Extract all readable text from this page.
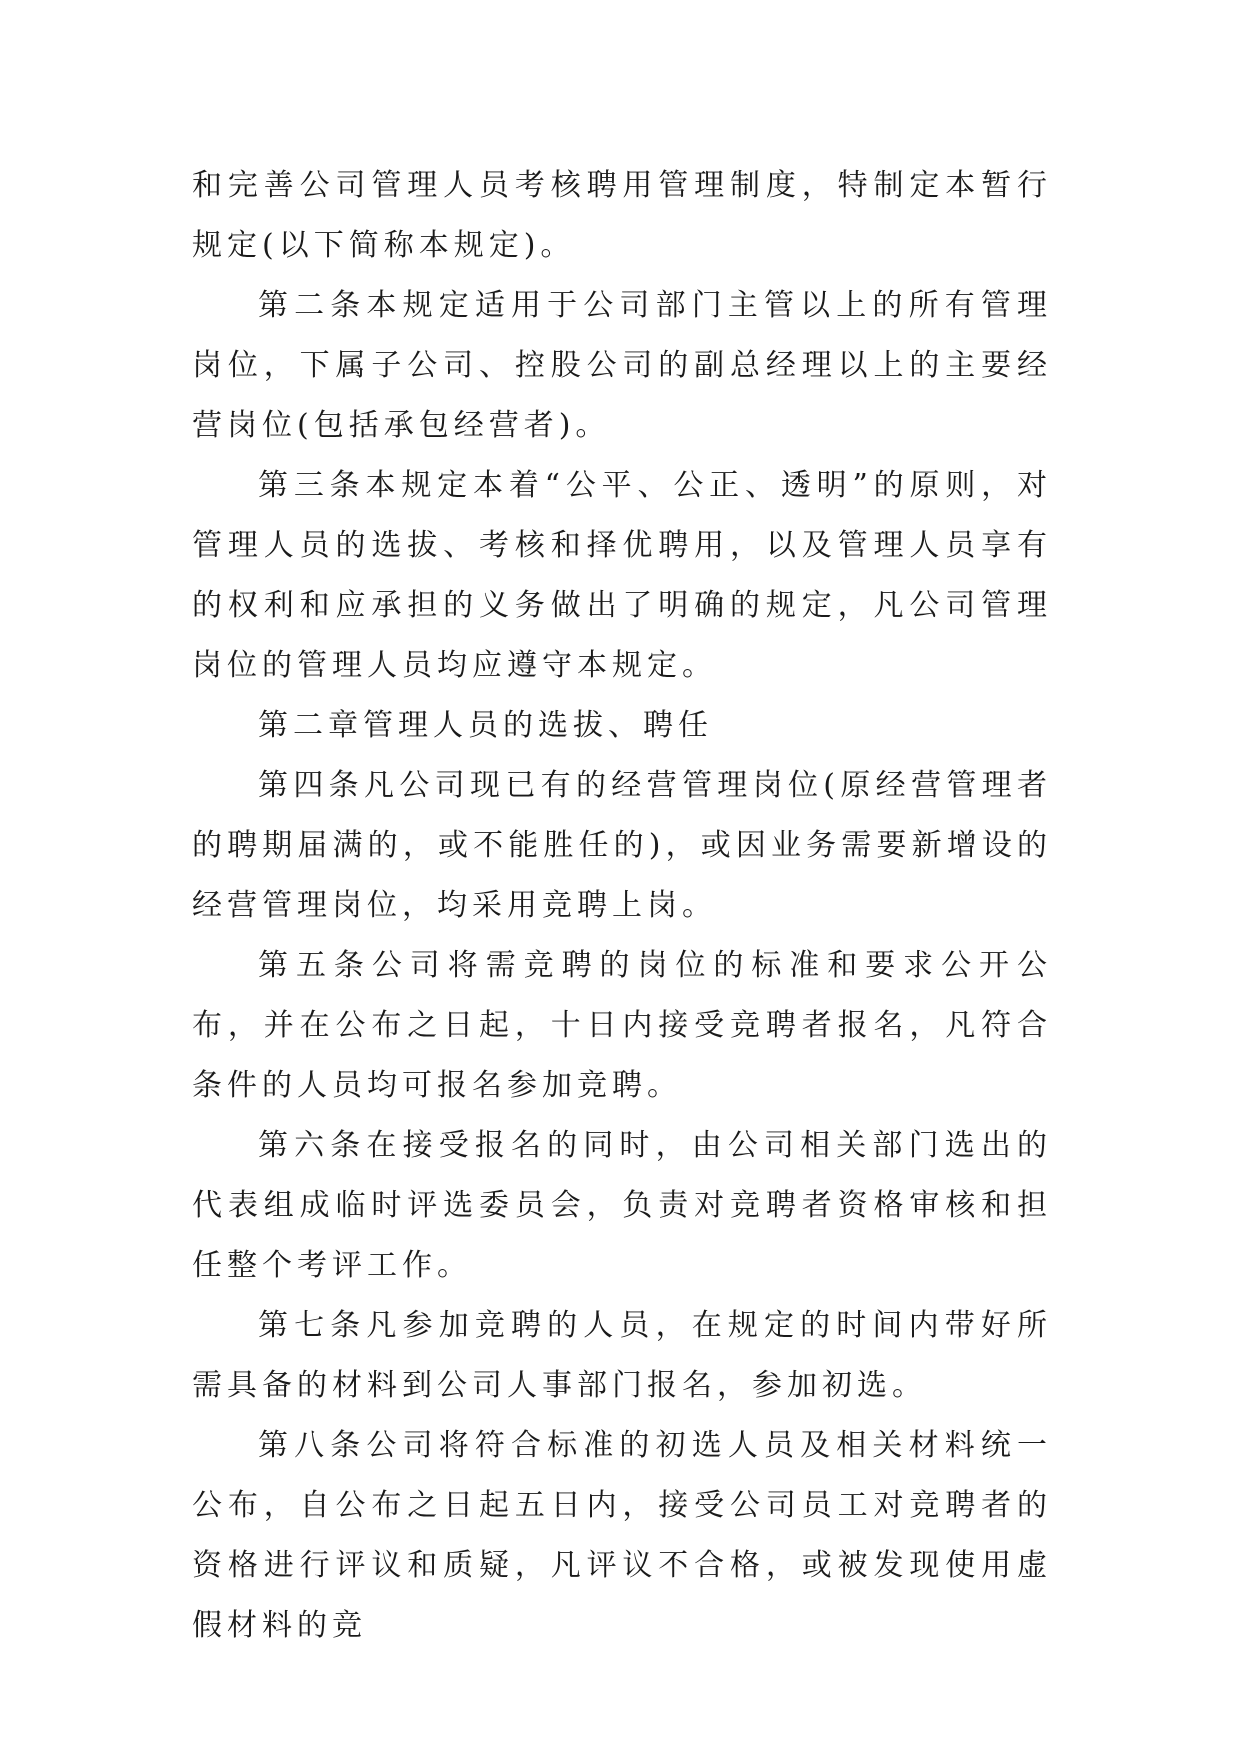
和完善公司管理人员考核聘用管理制度，特制定本暂行规定(以下简称本规定)。

第二条本规定适用于公司部门主管以上的所有管理岗位，下属子公司、控股公司的副总经理以上的主要经营岗位(包括承包经营者)。

第三条本规定本着“公平、公正、透明”的原则，对管理人员的选拔、考核和择优聘用，以及管理人员享有的权利和应承担的义务做出了明确的规定，凡公司管理岗位的管理人员均应遵守本规定。

第二章管理人员的选拔、聘任

第四条凡公司现已有的经营管理岗位(原经营管理者的聘期届满的，或不能胜任的)，或因业务需要新增设的经营管理岗位，均采用竞聘上岗。

第五条公司将需竞聘的岗位的标准和要求公开公布，并在公布之日起，十日内接受竞聘者报名，凡符合条件的人员均可报名参加竞聘。

第六条在接受报名的同时，由公司相关部门选出的代表组成临时评选委员会，负责对竞聘者资格审核和担任整个考评工作。

第七条凡参加竞聘的人员，在规定的时间内带好所需具备的材料到公司人事部门报名，参加初选。

第八条公司将符合标准的初选人员及相关材料统一公布，自公布之日起五日内，接受公司员工对竞聘者的资格进行评议和质疑，凡评议不合格，或被发现使用虚假材料的竞
